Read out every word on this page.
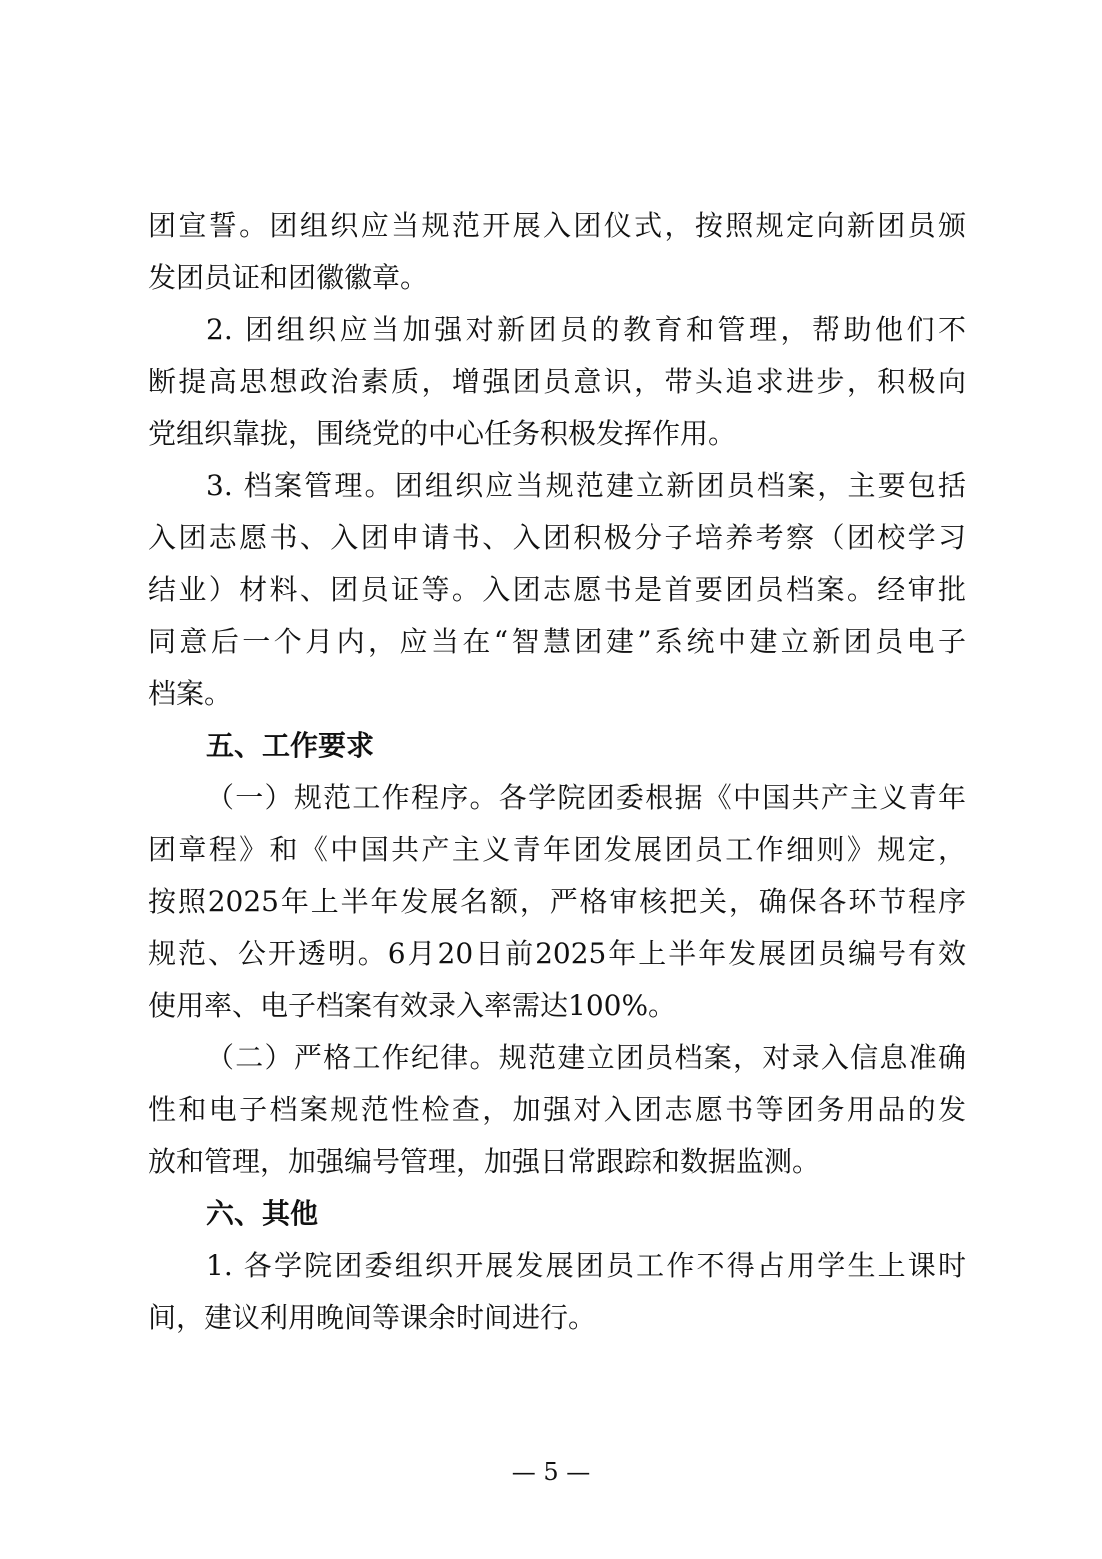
团宣誓。团组织应当规范开展入团仪式，按照规定向新团员颁
发团员证和团徽徽章。
2. 团组织应当加强对新团员的教育和管理，帮助他们不
断提高思想政治素质，增强团员意识，带头追求进步，积极向
党组织靠拢，围绕党的中心任务积极发挥作用。
3. 档案管理。团组织应当规范建立新团员档案，主要包括
入团志愿书、入团申请书、入团积极分子培养考察（团校学习
结业）材料、团员证等。入团志愿书是首要团员档案。经审批
同意后一个月内，应当在“智慧团建”系统中建立新团员电子
档案。
五、工作要求
（一）规范工作程序。各学院团委根据《中国共产主义青年
团章程》和《中国共产主义青年团发展团员工作细则》规定，
按照2025年上半年发展名额，严格审核把关，确保各环节程序
规范、公开透明。6月20日前2025年上半年发展团员编号有效
使用率、电子档案有效录入率需达100%。
（二）严格工作纪律。规范建立团员档案，对录入信息准确
性和电子档案规范性检查，加强对入团志愿书等团务用品的发
放和管理，加强编号管理，加强日常跟踪和数据监测。
六、其他
1. 各学院团委组织开展发展团员工作不得占用学生上课时
间，建议利用晚间等课余时间进行。
— 5 —
